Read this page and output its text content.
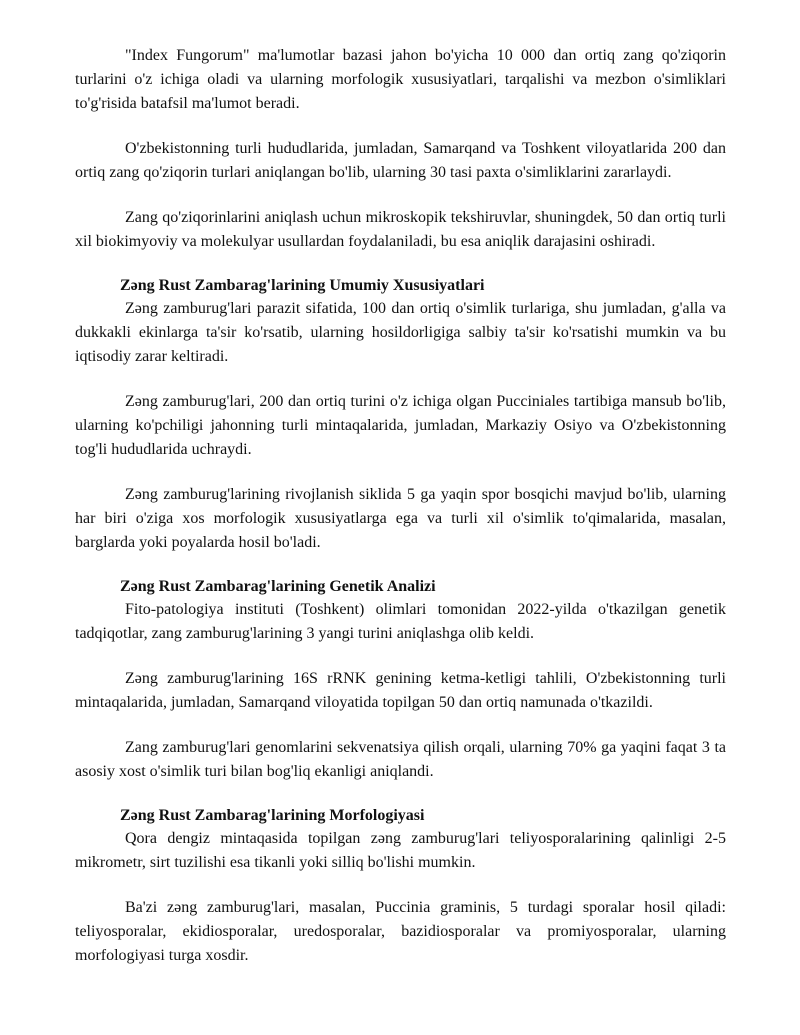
"Index Fungorum" ma'lumotlar bazasi jahon bo'yicha 10 000 dan ortiq zang qo'ziqorin turlarini o'z ichiga oladi va ularning morfologik xususiyatlari, tarqalishi va mezbon o'simliklari to'g'risida batafsil ma'lumot beradi.

O'zbekistonning turli hududlarida, jumladan, Samarqand va Toshkent viloyatlarida 200 dan ortiq zang qo'ziqorin turlari aniqlangan bo'lib, ularning 30 tasi paxta o'simliklarini zararlaydi.

Zang qo'ziqorinlarini aniqlash uchun mikroskopik tekshiruvlar, shuningdek, 50 dan ortiq turli xil biokimyoviy va molekulyar usullardan foydalaniladi, bu esa aniqlik darajasini oshiradi.

Zəng Rust Zambarag'larining Umumiy Xususiyatlari

Zəng zamburug'lari parazit sifatida, 100 dan ortiq o'simlik turlariga, shu jumladan, g'alla va dukkakli ekinlarga ta'sir ko'rsatib, ularning hosildorligiga salbiy ta'sir ko'rsatishi mumkin va bu iqtisodiy zarar keltiradi.

Zəng zamburug'lari, 200 dan ortiq turini o'z ichiga olgan Pucciniales tartibiga mansub bo'lib, ularning ko'pchiligi jahonning turli mintaqalarida, jumladan, Markaziy Osiyo va O'zbekistonning tog'li hududlarida uchraydi.

Zəng zamburug'larining rivojlanish siklida 5 ga yaqin spor bosqichi mavjud bo'lib, ularning har biri o'ziga xos morfologik xususiyatlarga ega va turli xil o'simlik to'qimalarida, masalan, barglarda yoki poyalarda hosil bo'ladi.

Zəng Rust Zambarag'larining Genetik Analizi

Fito-patologiya instituti (Toshkent) olimlari tomonidan 2022-yilda o'tkazilgan genetik tadqiqotlar, zang zamburug'larining 3 yangi turini aniqlashga olib keldi.

Zəng zamburug'larining 16S rRNK genining ketma-ketligi tahlili, O'zbekistonning turli mintaqalarida, jumladan, Samarqand viloyatida topilgan 50 dan ortiq namunada o'tkazildi.

Zang zamburug'lari genomlarini sekvenatsiya qilish orqali, ularning 70% ga yaqini faqat 3 ta asosiy xost o'simlik turi bilan bog'liq ekanligi aniqlandi.

Zəng Rust Zambarag'larining Morfologiyasi

Qora dengiz mintaqasida topilgan zəng zamburug'lari teliyosporalarining qalinligi 2-5 mikrometr, sirt tuzilishi esa tikanli yoki silliq bo'lishi mumkin.

Ba'zi zəng zamburug'lari, masalan, Puccinia graminis, 5 turdagi sporalar hosil qiladi: teliyosporalar, ekidiosporalar, uredosporalar, bazidiosporalar va promiyosporalar, ularning morfologiyasi turga xosdir.
